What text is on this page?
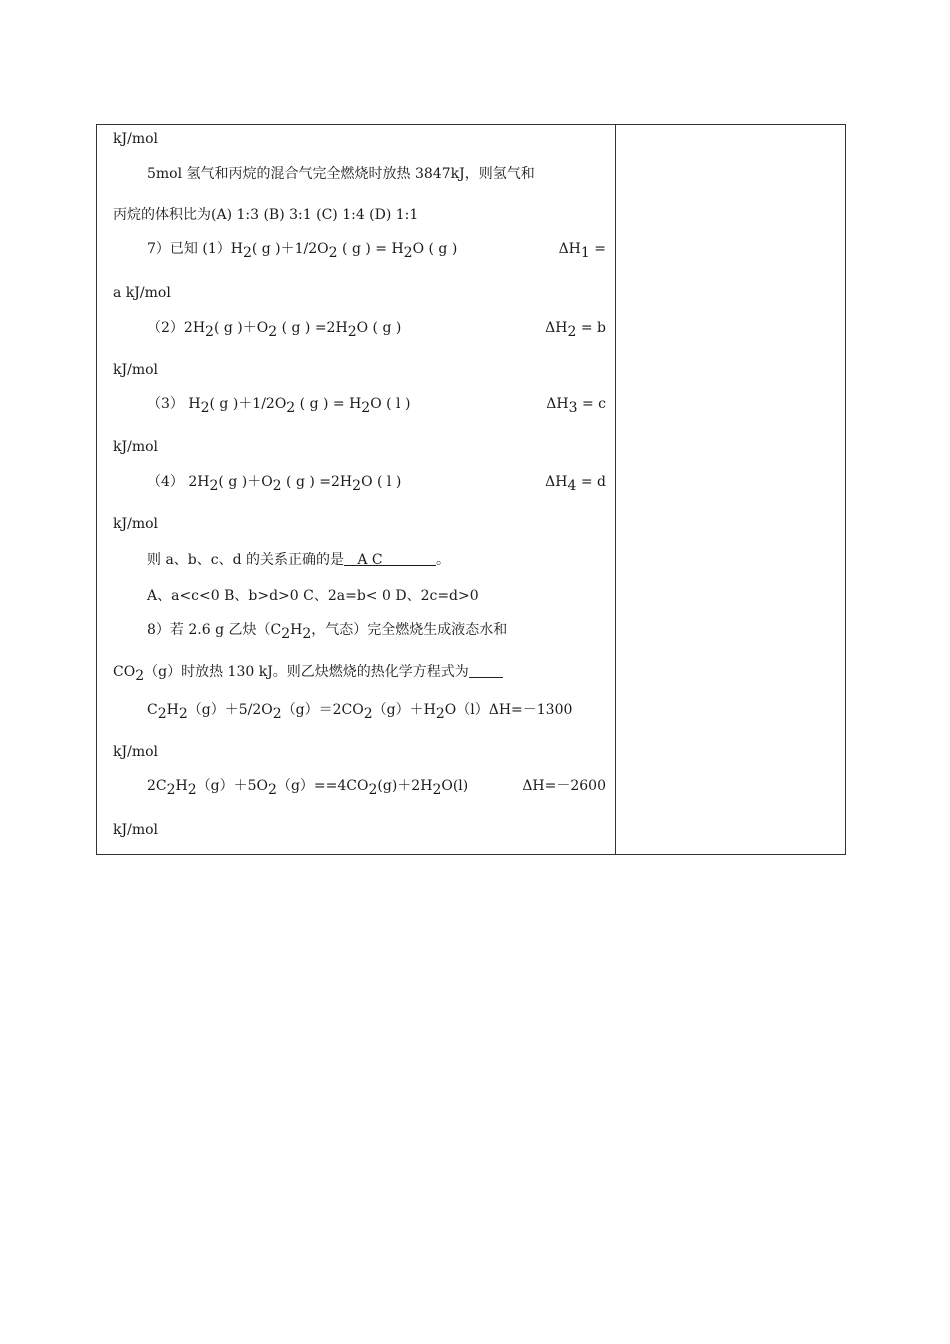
kJ/mol
5mol 氢气和丙烷的混合气完全燃烧时放热 3847kJ，则氢气和
丙烷的体积比为(A) 1:3 (B) 3:1 (C) 1:4 (D) 1:1
7）已知 $(1)H_2$( g )$+1/2O_2$ ( g ) = $H_2O$ ( g )	$\Delta H_1$ =
a kJ/mol
$(2)2H_2$( g )$+O_2$ ( g ) $=2H_2O$ ( g )	$\Delta H_2 = b$
kJ/mol
（3） $H_2$( g )$+1/2O_2$ ( g ) = $H_2O$ ( l )	$\Delta H_3 = c$
kJ/mol
（4） $2H_2$( g )$+O_2$ ( g ) $=2H_2O$ ( l )	$\Delta H_4 = d$
kJ/mol
则 a、b、c、d 的关系正确的是   A C            。
A、a<c<0 B、b>d>0 C、2a=b< 0 D、2c=d>0
8）若 2.6 g 乙炔（$C_2H_2$，气态）完全燃烧生成液态水和
$CO_2(g)$时放热 130 kJ。则乙炔燃烧的热化学方程式为
$C_2H_2(g)+5/2O_2(g)=2CO_2(g)+H_2O(l)\Delta H=-1300$
kJ/mol
$2C_2H_2(g)+5O_2(g)==4CO_2(g)+2H_2O(l)$	ΔH=－2600
kJ/mol
